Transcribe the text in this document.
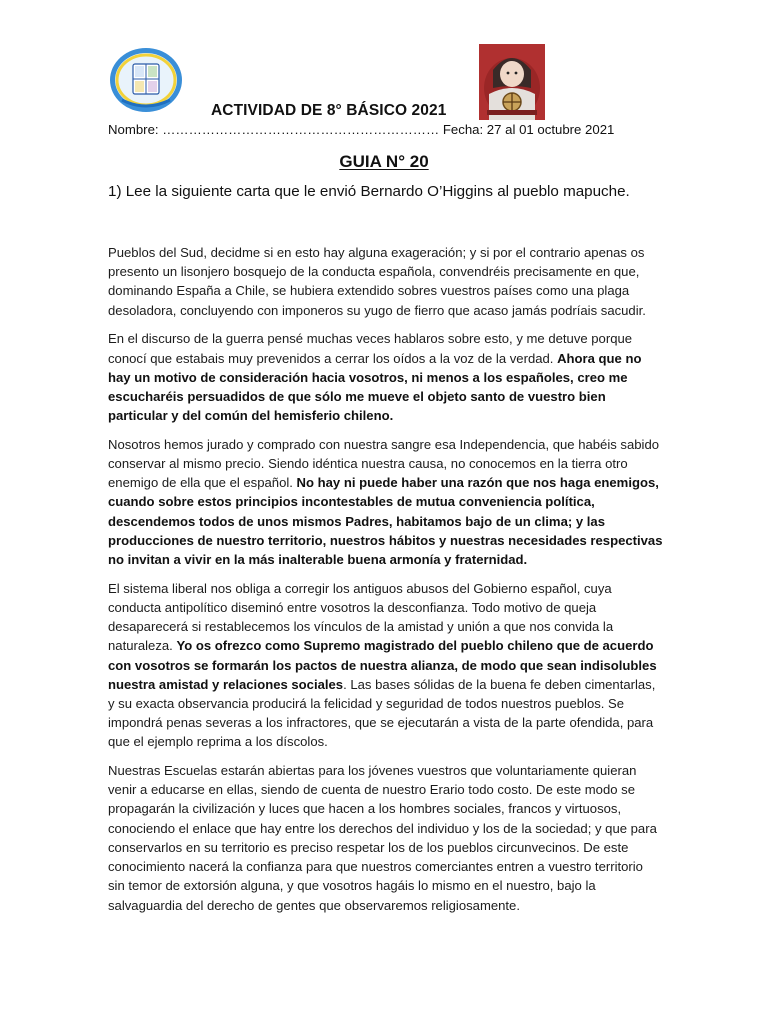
ACTIVIDAD DE 8° BÁSICO 2021
Nombre: ……………………………………………………… Fecha: 27 al 01 octubre 2021
GUIA N° 20
1) Lee la siguiente carta que le envió Bernardo O’Higgins al pueblo mapuche.

Pueblos del Sud, decidme si en esto hay alguna exageración; y si por el contrario apenas os presento un lisonjero bosquejo de la conducta española, convendréis precisamente en que, dominando España a Chile, se hubiera extendido sobres vuestros países como una plaga desoladora, concluyendo con imponeros su yugo de fierro que acaso jamás podríais sacudir.

En el discurso de la guerra pensé muchas veces hablaros sobre esto, y me detuve porque conocí que estabais muy prevenidos a cerrar los oídos a la voz de la verdad. Ahora que no hay un motivo de consideración hacia vosotros, ni menos a los españoles, creo me escucharéis persuadidos de que sólo me mueve el objeto santo de vuestro bien particular y del común del hemisferio chileno.

Nosotros hemos jurado y comprado con nuestra sangre esa Independencia, que habéis sabido conservar al mismo precio. Siendo idéntica nuestra causa, no conocemos en la tierra otro enemigo de ella que el español. No hay ni puede haber una razón que nos haga enemigos, cuando sobre estos principios incontestables de mutua conveniencia política, descendemos todos de unos mismos Padres, habitamos bajo de un clima; y las producciones de nuestro territorio, nuestros hábitos y nuestras necesidades respectivas no invitan a vivir en la más inalterable buena armonía y fraternidad.

El sistema liberal nos obliga a corregir los antiguos abusos del Gobierno español, cuya conducta antipolítico diseminó entre vosotros la desconfianza. Todo motivo de queja desaparecerá si restablecemos los vínculos de la amistad y unión a que nos convida la naturaleza. Yo os ofrezco como Supremo magistrado del pueblo chileno que de acuerdo con vosotros se formarán los pactos de nuestra alianza, de modo que sean indisolubles nuestra amistad y relaciones sociales. Las bases sólidas de la buena fe deben cimentarlas, y su exacta observancia producirá la felicidad y seguridad de todos nuestros pueblos. Se impondrá penas severas a los infractores, que se ejecutarán a vista de la parte ofendida, para que el ejemplo reprima a los díscolos.

Nuestras Escuelas estarán abiertas para los jóvenes vuestros que voluntariamente quieran venir a educarse en ellas, siendo de cuenta de nuestro Erario todo costo. De este modo se propagarán la civilización y luces que hacen a los hombres sociales, francos y virtuosos, conociendo el enlace que hay entre los derechos del individuo y los de la sociedad; y que para conservarlos en su territorio es preciso respetar los de los pueblos circunvecinos. De este conocimiento nacerá la confianza para que nuestros comerciantes entren a vuestro territorio sin temor de extorsión alguna, y que vosotros hagáis lo mismo en el nuestro, bajo la salvaguardia del derecho de gentes que observaremos religiosamente.
